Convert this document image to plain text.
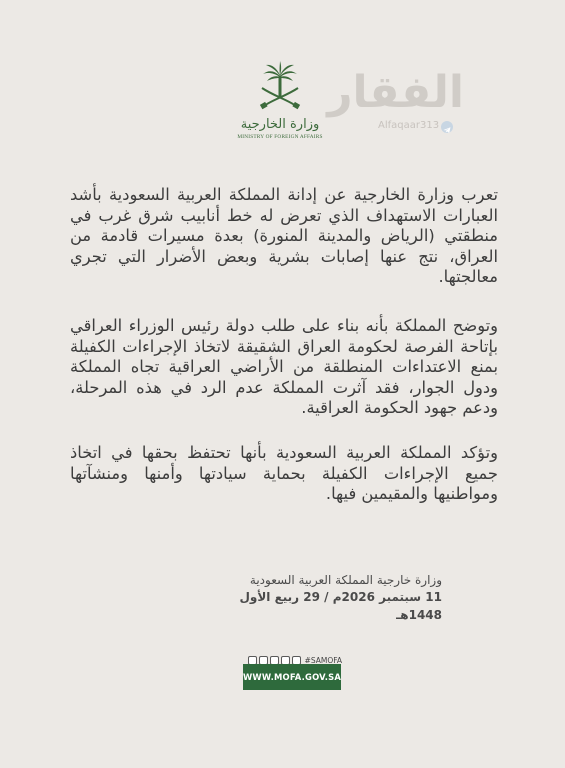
وزارة الخارجية
MINISTRY OF FOREIGN AFFAIRS
الفقار
Alfaqaar313

تعرب وزارة الخارجية عن إدانة المملكة العربية السعودية بأشد العبارات الاستهداف الذي تعرض له خط أنابيب شرق غرب في منطقتي (الرياض والمدينة المنورة) بعدة مسيرات قادمة من العراق، نتج عنها إصابات بشرية وبعض الأضرار التي تجري معالجتها.

وتوضح المملكة بأنه بناء على طلب دولة رئيس الوزراء العراقي بإتاحة الفرصة لحكومة العراق الشقيقة لاتخاذ الإجراءات الكفيلة بمنع الاعتداءات المنطلقة من الأراضي العراقية تجاه المملكة ودول الجوار، فقد آثرت المملكة عدم الرد في هذه المرحلة، ودعم جهود الحكومة العراقية.

وتؤكد المملكة العربية السعودية بأنها تحتفظ بحقها في اتخاذ جميع الإجراءات الكفيلة بحماية سيادتها وأمنها ومنشآتها ومواطنيها والمقيمين فيها.

وزارة خارجية المملكة العربية السعودية
11 سبتمبر 2026م / 29 ربيع الأول 1448هـ
#SAMOFA
WWW.MOFA.GOV.SA
